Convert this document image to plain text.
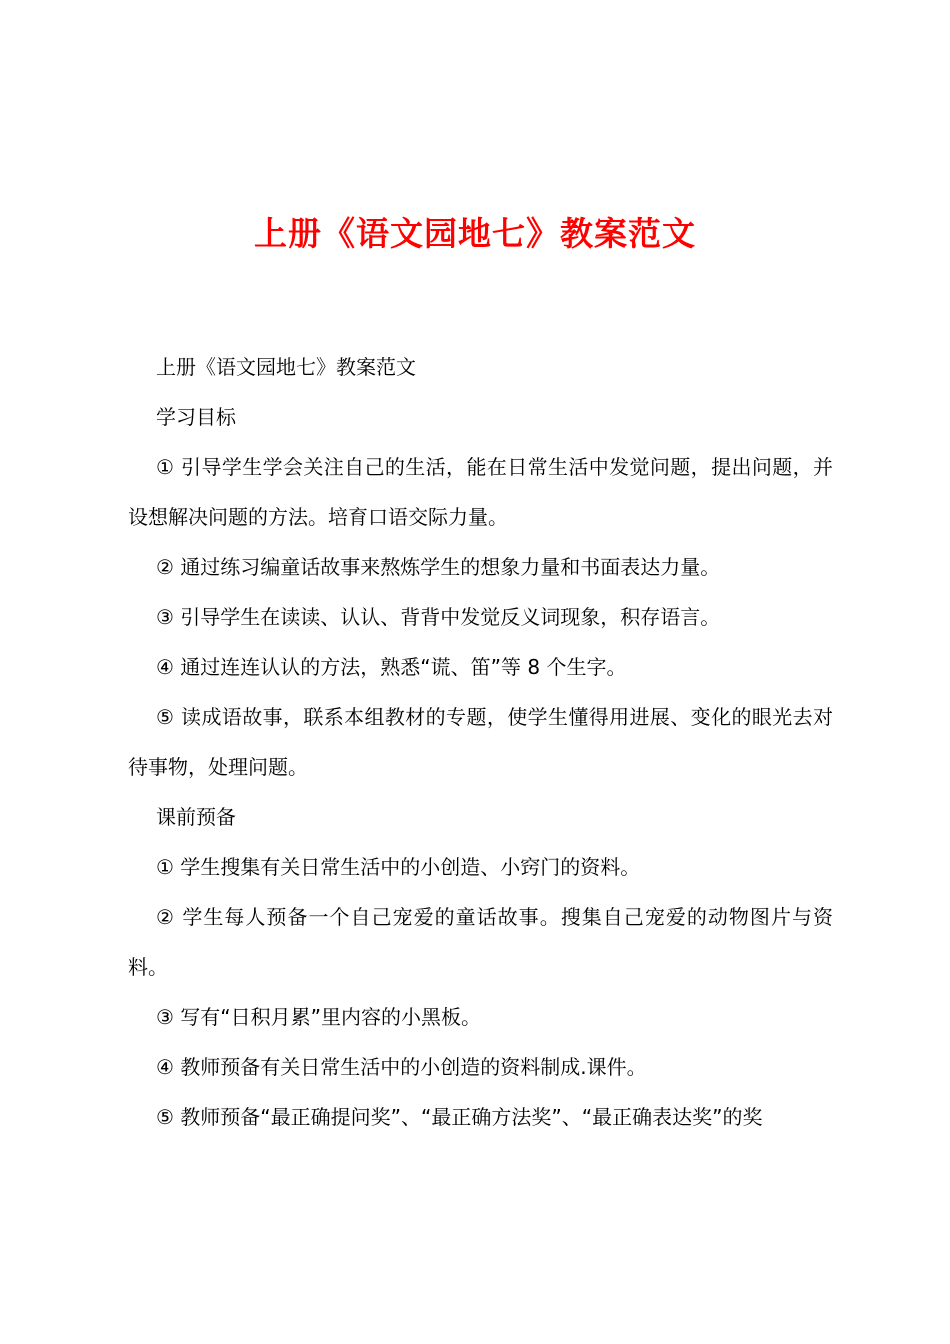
上册《语文园地七》教案范文

上册《语文园地七》教案范文

学习目标

① 引导学生学会关注自己的生活，能在日常生活中发觉问题，提出问题，并设想解决问题的方法。培育口语交际力量。

② 通过练习编童话故事来熬炼学生的想象力量和书面表达力量。

③ 引导学生在读读、认认、背背中发觉反义词现象，积存语言。

④ 通过连连认认的方法，熟悉“谎、笛”等 8 个生字。

⑤ 读成语故事，联系本组教材的专题，使学生懂得用进展、变化的眼光去对待事物，处理问题。

课前预备

① 学生搜集有关日常生活中的小创造、小窍门的资料。

② 学生每人预备一个自己宠爱的童话故事。搜集自己宠爱的动物图片与资料。

③ 写有“日积月累”里内容的小黑板。

④ 教师预备有关日常生活中的小创造的资料制成.课件。

⑤ 教师预备“最正确提问奖”、“最正确方法奖”、“最正确表达奖”的奖
